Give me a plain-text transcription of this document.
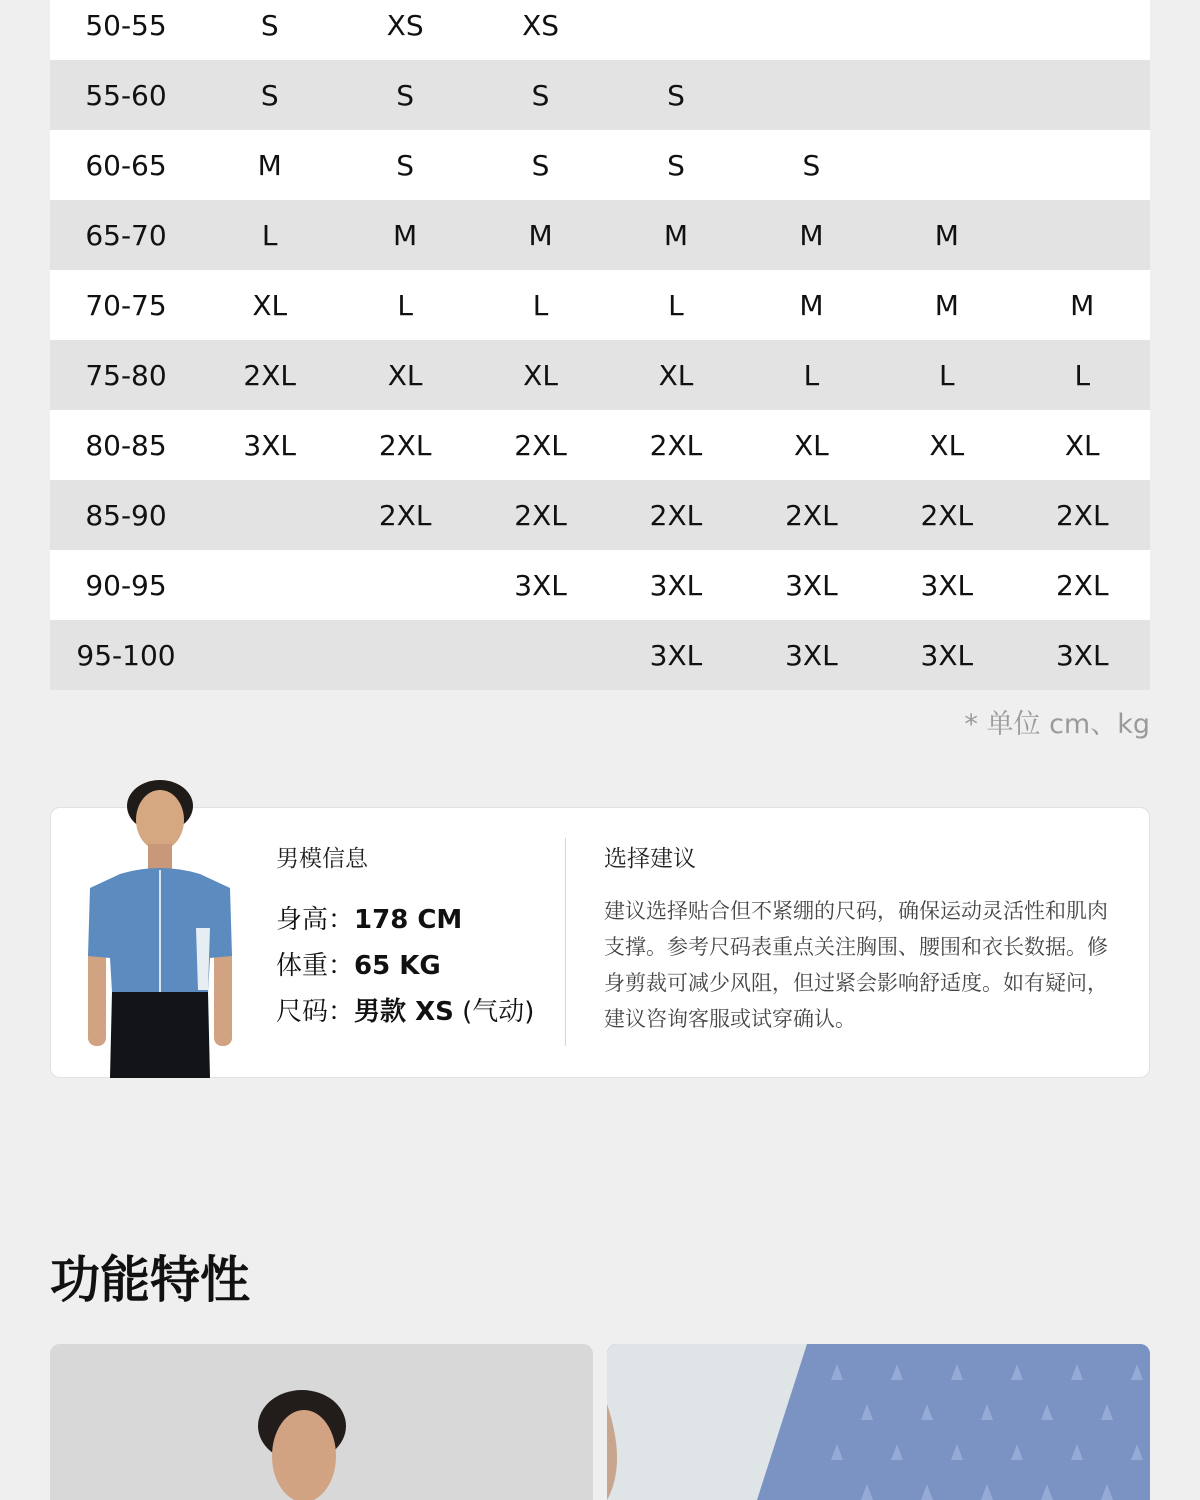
50-55	S	XS	XS				
55-60	S	S	S	S			
60-65	M	S	S	S	S		
65-70	L	M	M	M	M	M	
70-75	XL	L	L	L	M	M	M
75-80	2XL	XL	XL	XL	L	L	L
80-85	3XL	2XL	2XL	2XL	XL	XL	XL
85-90		2XL	2XL	2XL	2XL	2XL	2XL
90-95			3XL	3XL	3XL	3XL	2XL
95-100				3XL	3XL	3XL	3XL
* 单位 cm、kg
男模信息
身高：178 CM
体重：65 KG
尺码：男款 XS (气动)
选择建议
建议选择贴合但不紧绷的尺码，确保运动灵活性和肌肉支撑。参考尺码表重点关注胸围、腰围和衣长数据。修身剪裁可减少风阻，但过紧会影响舒适度。如有疑问，建议咨询客服或试穿确认。
功能特性
